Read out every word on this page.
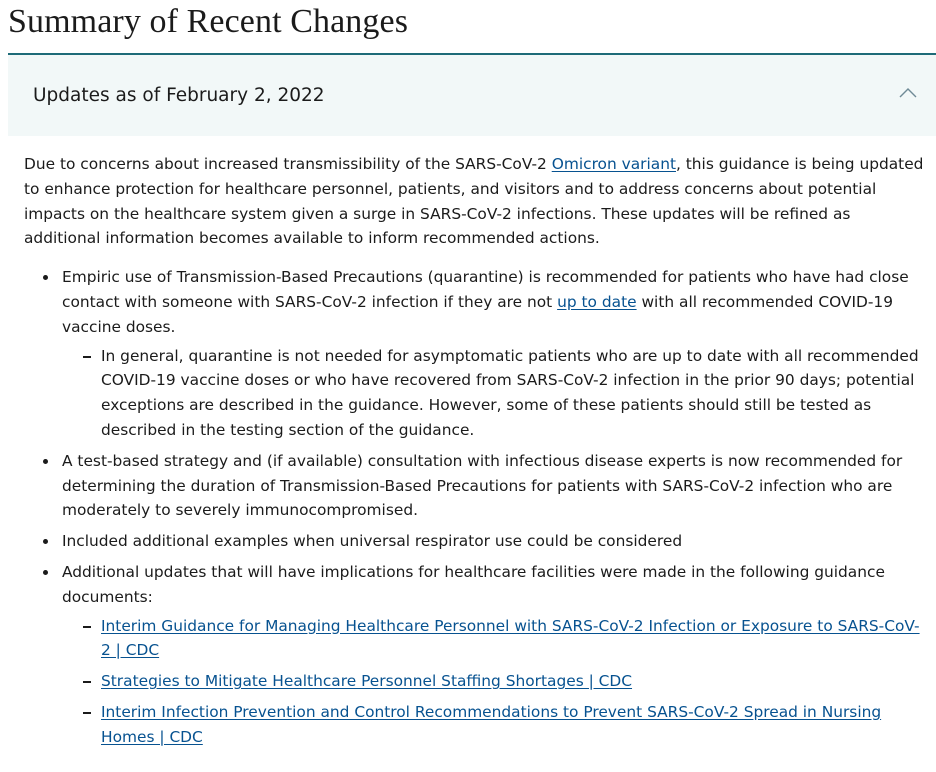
Summary of Recent Changes
Updates as of February 2, 2022

Due to concerns about increased transmissibility of the SARS-CoV-2 Omicron variant, this guidance is being updated to enhance protection for healthcare personnel, patients, and visitors and to address concerns about potential impacts on the healthcare system given a surge in SARS-CoV-2 infections. These updates will be refined as additional information becomes available to inform recommended actions.

Empiric use of Transmission-Based Precautions (quarantine) is recommended for patients who have had close contact with someone with SARS-CoV-2 infection if they are not up to date with all recommended COVID-19 vaccine doses.
In general, quarantine is not needed for asymptomatic patients who are up to date with all recommended COVID-19 vaccine doses or who have recovered from SARS-CoV-2 infection in the prior 90 days; potential exceptions are described in the guidance. However, some of these patients should still be tested as described in the testing section of the guidance.
A test-based strategy and (if available) consultation with infectious disease experts is now recommended for determining the duration of Transmission-Based Precautions for patients with SARS-CoV-2 infection who are moderately to severely immunocompromised.
Included additional examples when universal respirator use could be considered
Additional updates that will have implications for healthcare facilities were made in the following guidance documents:
Interim Guidance for Managing Healthcare Personnel with SARS-CoV-2 Infection or Exposure to SARS-CoV-2 | CDC
Strategies to Mitigate Healthcare Personnel Staffing Shortages | CDC
Interim Infection Prevention and Control Recommendations to Prevent SARS-CoV-2 Spread in Nursing Homes | CDC
